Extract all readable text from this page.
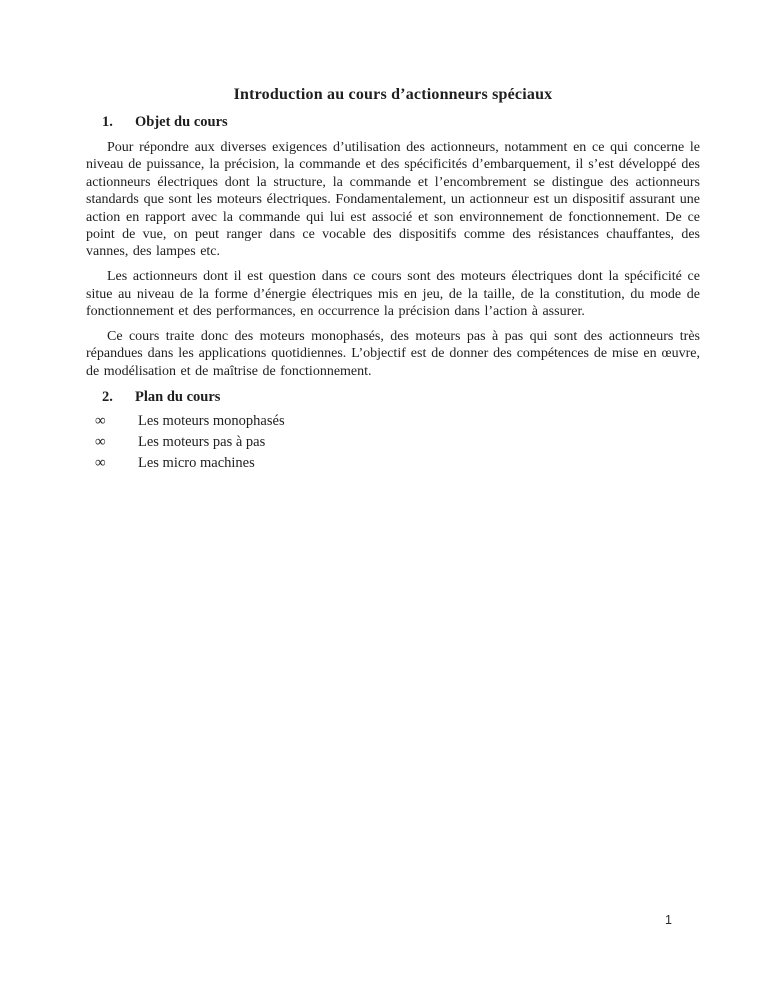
Introduction au cours d’actionneurs spéciaux
1. Objet du cours

Pour répondre aux diverses exigences d’utilisation des actionneurs, notamment en ce qui concerne le niveau de puissance, la précision, la commande et des spécificités d’embarquement, il s’est développé des actionneurs électriques dont la structure, la commande et l’encombrement se distingue des actionneurs standards que sont les moteurs électriques. Fondamentalement, un actionneur est un dispositif assurant une action en rapport avec la commande qui lui est associé et son environnement de fonctionnement. De ce point de vue, on peut ranger dans ce vocable des dispositifs comme des résistances chauffantes, des vannes, des lampes etc.

Les actionneurs dont il est question dans ce cours sont des moteurs électriques dont la spécificité ce situe au niveau de la forme d’énergie électriques mis en jeu, de la taille, de la constitution, du mode de fonctionnement et des performances, en occurrence la précision dans l’action à assurer.

Ce cours traite donc des moteurs monophasés, des moteurs pas à pas qui sont des actionneurs très répandues dans les applications quotidiennes. L’objectif est de donner des compétences de mise en œuvre, de modélisation et de maîtrise de fonctionnement.

2. Plan du cours
∞ Les moteurs monophasés
∞ Les moteurs pas à pas
∞ Les micro machines
1
